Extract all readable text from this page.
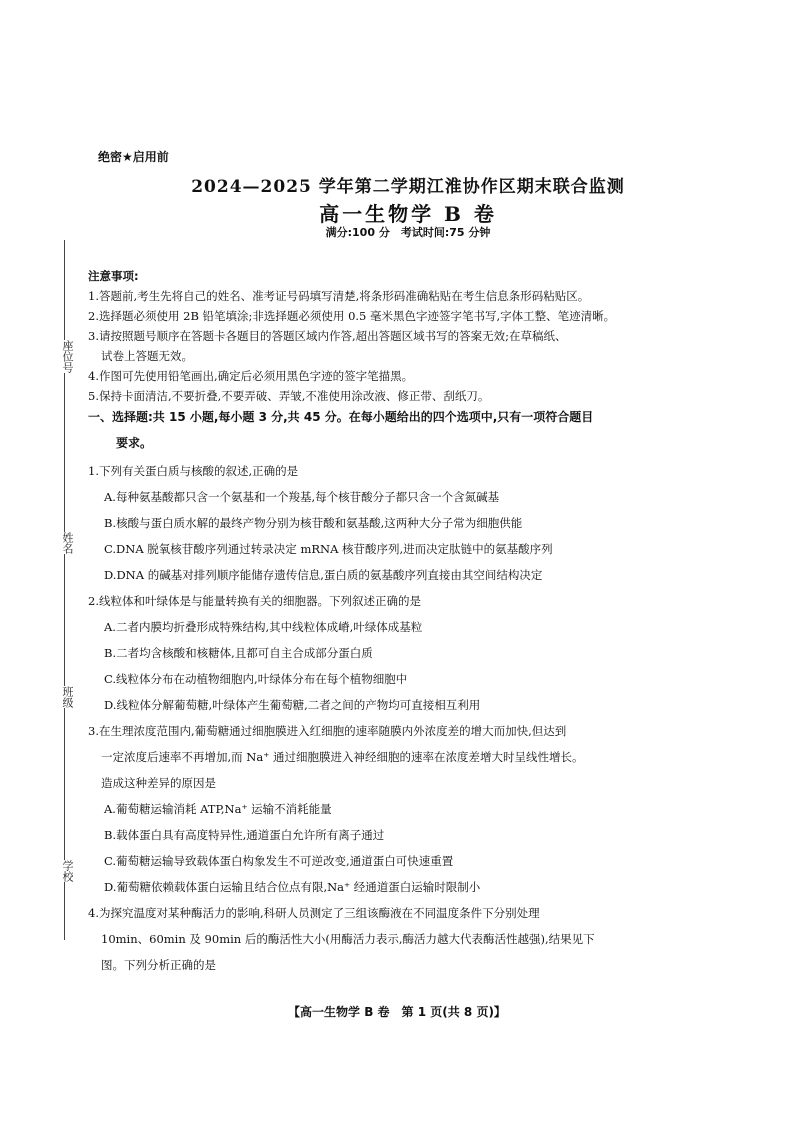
座位号
姓名
班级
学校
绝密★启用前
2024—2025 学年第二学期江淮协作区期末联合监测
高一生物学 B 卷
满分:100 分　考试时间:75 分钟
注意事项:
1.答题前,考生先将自己的姓名、准考证号码填写清楚,将条形码准确粘贴在考生信息条形码粘贴区。
2.选择题必须使用 2B 铅笔填涂;非选择题必须使用 0.5 毫米黑色字迹签字笔书写,字体工整、笔迹清晰。
3.请按照题号顺序在答题卡各题目的答题区域内作答,超出答题区域书写的答案无效;在草稿纸、
试卷上答题无效。
4.作图可先使用铅笔画出,确定后必须用黑色字迹的签字笔描黑。
5.保持卡面清洁,不要折叠,不要弄破、弄皱,不准使用涂改液、修正带、刮纸刀。
一、选择题:共 15 小题,每小题 3 分,共 45 分。在每小题给出的四个选项中,只有一项符合题目
要求。
1.下列有关蛋白质与核酸的叙述,正确的是
A.每种氨基酸都只含一个氨基和一个羧基,每个核苷酸分子都只含一个含氮碱基
B.核酸与蛋白质水解的最终产物分别为核苷酸和氨基酸,这两种大分子常为细胞供能
C.DNA 脱氧核苷酸序列通过转录决定 mRNA 核苷酸序列,进而决定肽链中的氨基酸序列
D.DNA 的碱基对排列顺序能储存遗传信息,蛋白质的氨基酸序列直接由其空间结构决定
2.线粒体和叶绿体是与能量转换有关的细胞器。下列叙述正确的是
A.二者内膜均折叠形成特殊结构,其中线粒体成嵴,叶绿体成基粒
B.二者均含核酸和核糖体,且都可自主合成部分蛋白质
C.线粒体分布在动植物细胞内,叶绿体分布在每个植物细胞中
D.线粒体分解葡萄糖,叶绿体产生葡萄糖,二者之间的产物均可直接相互利用
3.在生理浓度范围内,葡萄糖通过细胞膜进入红细胞的速率随膜内外浓度差的增大而加快,但达到
一定浓度后速率不再增加,而 Na⁺ 通过细胞膜进入神经细胞的速率在浓度差增大时呈线性增长。
造成这种差异的原因是
A.葡萄糖运输消耗 ATP,Na⁺ 运输不消耗能量
B.载体蛋白具有高度特异性,通道蛋白允许所有离子通过
C.葡萄糖运输导致载体蛋白构象发生不可逆改变,通道蛋白可快速重置
D.葡萄糖依赖载体蛋白运输且结合位点有限,Na⁺ 经通道蛋白运输时限制小
4.为探究温度对某种酶活力的影响,科研人员测定了三组该酶液在不同温度条件下分别处理
10min、60min 及 90min 后的酶活性大小(用酶活力表示,酶活力越大代表酶活性越强),结果见下
图。下列分析正确的是
【高一生物学 B 卷　第 1 页(共 8 页)】
